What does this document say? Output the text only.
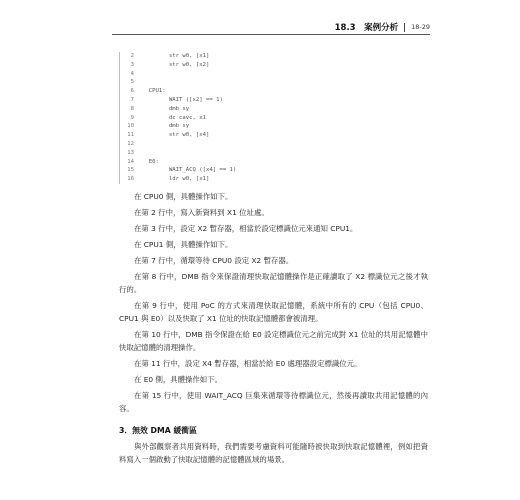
18.3　案例分析 18-29
2	str w0, [x1]
3	str w0, [x2]
4
5
6	CPU1:
7	WAIT ([x2] == 1)
8	dmb sy
9	dc cavc, x1
10	dmb sy
11	str w0, [x4]
12
13
14	E0:
15	WAIT_ACQ ([x4] == 1)
16	ldr w0, [x1]

在 CPU0 側，具體操作如下。

在第 2 行中，寫入新資料到 X1 位址處。

在第 3 行中，設定 X2 暫存器，相當於設定標識位元來通知 CPU1。

在 CPU1 側，具體操作如下。

在第 7 行中，循環等待 CPU0 設定 X2 暫存器。

在第 8 行中，DMB 指令來保證清理快取記憶體操作是正確讀取了 X2 標識位元之後才執行的。

在第 9 行中，使用 PoC 的方式來清理快取記憶體，系統中所有的 CPU（包括 CPU0、CPU1 與 E0）以及快取了 X1 位址的快取記憶體都會被清理。

在第 10 行中，DMB 指令保證在給 E0 設定標識位元之前完成對 X1 位址的共用記憶體中快取記憶體的清理操作。

在第 11 行中，設定 X4 暫存器，相當於給 E0 處理器設定標識位元。

在 E0 側，具體操作如下。

在第 15 行中，使用 WAIT_ACQ 巨集來循環等待標識位元，然後再讀取共用記憶體的內容。

3．無效 DMA 緩衝區

與外部觀察者共用資料時，我們需要考慮資料可能隨時被快取到快取記憶體裡，例如把資料寫入一個啟動了快取記憶體的記憶體區域的場景。
